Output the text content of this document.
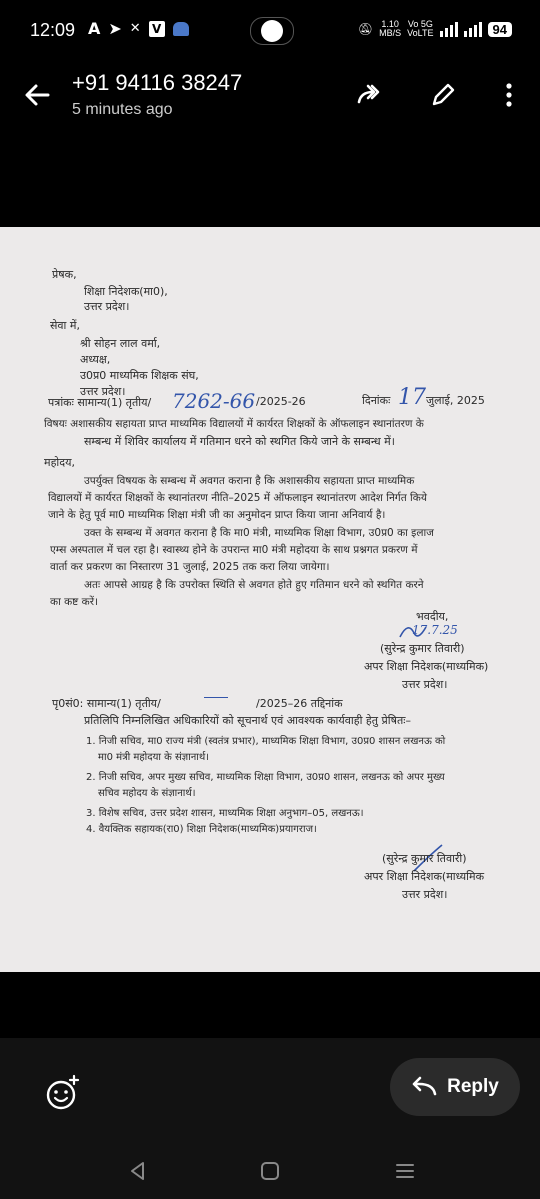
12:09 A ➤ ✕ V	🔕︎ 1.10
MB/S
Vo 5G
VoLTE	94
+91 94116 38247
5 minutes ago
प्रेषक,
शिक्षा निदेशक(मा0),
उत्तर प्रदेश।
सेवा में,
श्री सोहन लाल वर्मा,
अध्यक्ष,
उ0प्र0 माध्यमिक शिक्षक संघ,
उत्तर प्रदेश।
पत्रांकः सामान्य(1) तृतीय/ 7262-66 /2025-26	दिनांकः 17 जुलाई, 2025
विषयः अशासकीय सहायता प्राप्त माध्यमिक विद्यालयों में कार्यरत शिक्षकों के ऑफलाइन स्थानांतरण के
सम्बन्ध में शिविर कार्यालय में गतिमान धरने को स्थगित किये जाने के सम्बन्ध में।
महोदय,
उपर्युक्त विषयक के सम्बन्ध में अवगत कराना है कि अशासकीय सहायता प्राप्त माध्यमिक
विद्यालयों में कार्यरत शिक्षकों के स्थानांतरण नीति–2025 में ऑफलाइन स्थानांतरण आदेश निर्गत किये
जाने के हेतु पूर्व मा0 माध्यमिक शिक्षा मंत्री जी का अनुमोदन प्राप्त किया जाना अनिवार्य है।
उक्त के सम्बन्ध में अवगत कराना है कि मा0 मंत्री, माध्यमिक शिक्षा विभाग, उ0प्र0 का इलाज
एम्स अस्पताल में चल रहा है। स्वास्थ्य होने के उपरान्त मा0 मंत्री महोदया के साथ प्रश्नगत प्रकरण में
वार्ता कर प्रकरण का निस्तारण 31 जुलाई, 2025 तक करा लिया जायेगा।
अतः आपसे आग्रह है कि उपरोक्त स्थिति से अवगत होते हुए गतिमान धरने को स्थगित करने
का कष्ट करें।
भवदीय,
17.7.25
(सुरेन्द्र कुमार तिवारी)
अपर शिक्षा निदेशक(माध्यमिक)
उत्तर प्रदेश।
पृ0सं0: सामान्य(1) तृतीय/	/2025–26 तद्दिनांक
प्रतिलिपि निम्नलिखित अधिकारियों को सूचनार्थ एवं आवश्यक कार्यवाही हेतु प्रेषितः–
1. निजी सचिव, मा0 राज्य मंत्री (स्वतंत्र प्रभार), माध्यमिक शिक्षा विभाग, उ0प्र0 शासन लखनऊ को
मा0 मंत्री महोदया के संज्ञानार्थ।
2. निजी सचिव, अपर मुख्य सचिव, माध्यमिक शिक्षा विभाग, उ0प्र0 शासन, लखनऊ को अपर मुख्य
सचिव महोदय के संज्ञानार्थ।
3. विशेष सचिव, उत्तर प्रदेश शासन, माध्यमिक शिक्षा अनुभाग–05, लखनऊ।
4. वैयक्तिक सहायक(रा0) शिक्षा निदेशक(माध्यमिक)प्रयागराज।
(सुरेन्द्र कुमार तिवारी)
अपर शिक्षा निदेशक(माध्यमिक
उत्तर प्रदेश।
Reply
